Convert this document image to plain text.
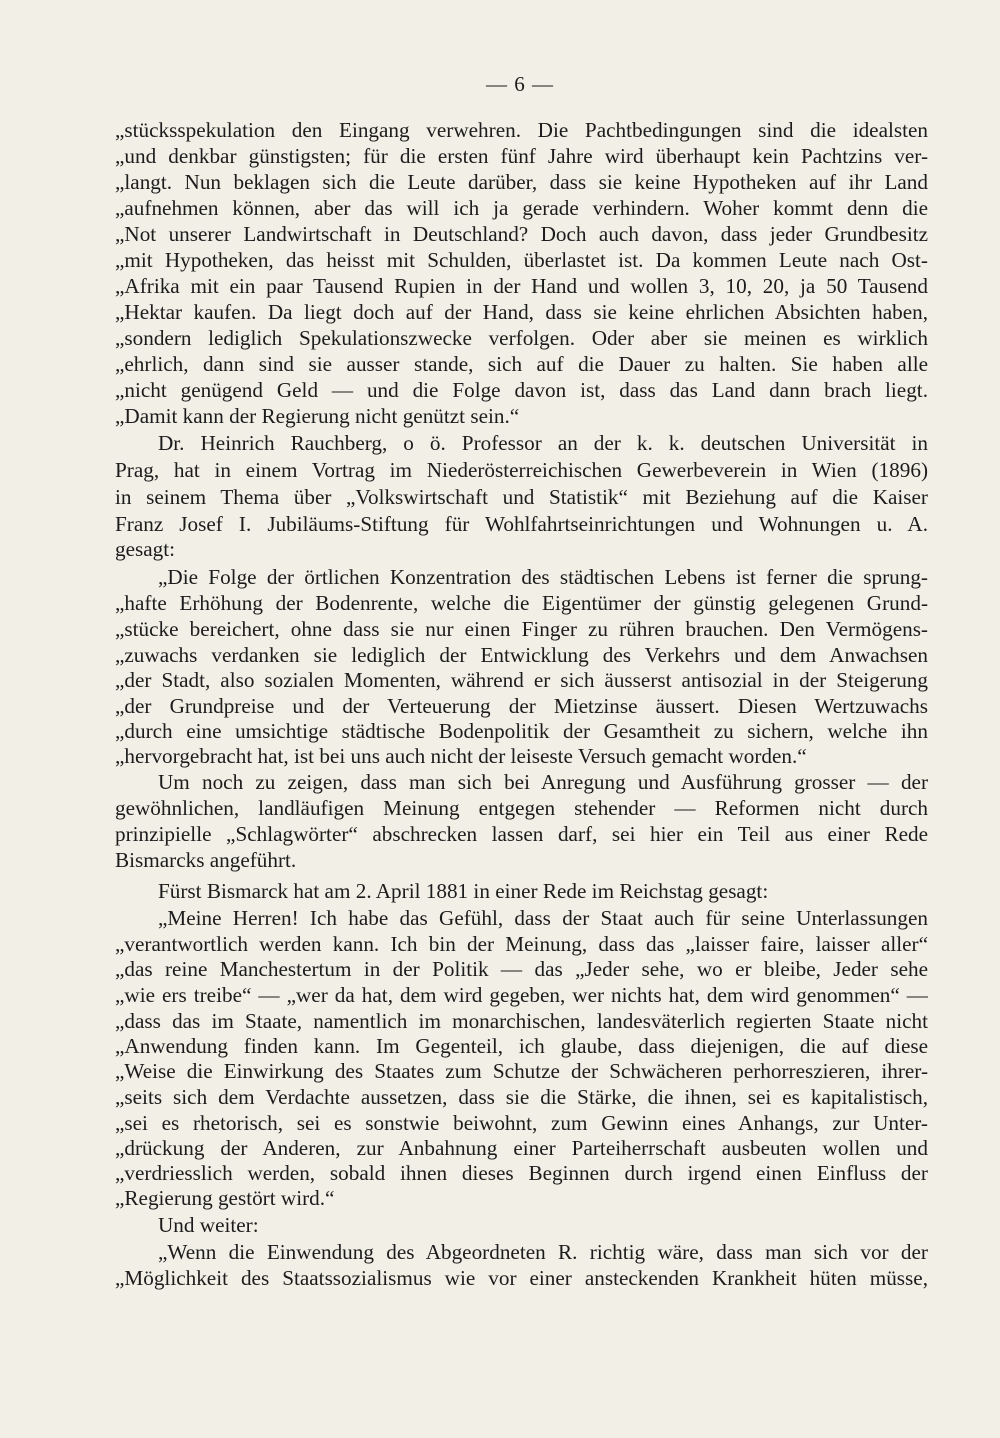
— 6 —
„stücksspekulation den Eingang verwehren. Die Pachtbedingungen sind die idealsten
„und denkbar günstigsten; für die ersten fünf Jahre wird überhaupt kein Pachtzins ver-
„langt. Nun beklagen sich die Leute darüber, dass sie keine Hypotheken auf ihr Land
„aufnehmen können, aber das will ich ja gerade verhindern. Woher kommt denn die
„Not unserer Landwirtschaft in Deutschland? Doch auch davon, dass jeder Grundbesitz
„mit Hypotheken, das heisst mit Schulden, überlastet ist. Da kommen Leute nach Ost-
„Afrika mit ein paar Tausend Rupien in der Hand und wollen 3, 10, 20, ja 50 Tausend
„Hektar kaufen. Da liegt doch auf der Hand, dass sie keine ehrlichen Absichten haben,
„sondern lediglich Spekulationszwecke verfolgen. Oder aber sie meinen es wirklich
„ehrlich, dann sind sie ausser stande, sich auf die Dauer zu halten. Sie haben alle
„nicht genügend Geld — und die Folge davon ist, dass das Land dann brach liegt.
„Damit kann der Regierung nicht genützt sein.“
Dr. Heinrich Rauchberg, o ö. Professor an der k. k. deutschen Universität in
Prag, hat in einem Vortrag im Niederösterreichischen Gewerbeverein in Wien (1896)
in seinem Thema über „Volkswirtschaft und Statistik“ mit Beziehung auf die Kaiser
Franz Josef I. Jubiläums-Stiftung für Wohlfahrtseinrichtungen und Wohnungen u. A.
gesagt:
„Die Folge der örtlichen Konzentration des städtischen Lebens ist ferner die sprung-
„hafte Erhöhung der Bodenrente, welche die Eigentümer der günstig gelegenen Grund-
„stücke bereichert, ohne dass sie nur einen Finger zu rühren brauchen. Den Vermögens-
„zuwachs verdanken sie lediglich der Entwicklung des Verkehrs und dem Anwachsen
„der Stadt, also sozialen Momenten, während er sich äusserst antisozial in der Steigerung
„der Grundpreise und der Verteuerung der Mietzinse äussert. Diesen Wertzuwachs
„durch eine umsichtige städtische Bodenpolitik der Gesamtheit zu sichern, welche ihn
„hervorgebracht hat, ist bei uns auch nicht der leiseste Versuch gemacht worden.“
Um noch zu zeigen, dass man sich bei Anregung und Ausführung grosser — der
gewöhnlichen, landläufigen Meinung entgegen stehender — Reformen nicht durch
prinzipielle „Schlagwörter“ abschrecken lassen darf, sei hier ein Teil aus einer Rede
Bismarcks angeführt.
Fürst Bismarck hat am 2. April 1881 in einer Rede im Reichstag gesagt:
„Meine Herren! Ich habe das Gefühl, dass der Staat auch für seine Unterlassungen
„verantwortlich werden kann. Ich bin der Meinung, dass das „laisser faire, laisser aller“
„das reine Manchestertum in der Politik — das „Jeder sehe, wo er bleibe, Jeder sehe
„wie ers treibe“ — „wer da hat, dem wird gegeben, wer nichts hat, dem wird genommen“ —
„dass das im Staate, namentlich im monarchischen, landesväterlich regierten Staate nicht
„Anwendung finden kann. Im Gegenteil, ich glaube, dass diejenigen, die auf diese
„Weise die Einwirkung des Staates zum Schutze der Schwächeren perhorreszieren, ihrer-
„seits sich dem Verdachte aussetzen, dass sie die Stärke, die ihnen, sei es kapitalistisch,
„sei es rhetorisch, sei es sonstwie beiwohnt, zum Gewinn eines Anhangs, zur Unter-
„drückung der Anderen, zur Anbahnung einer Parteiherrschaft ausbeuten wollen und
„verdriesslich werden, sobald ihnen dieses Beginnen durch irgend einen Einfluss der
„Regierung gestört wird.“
Und weiter:
„Wenn die Einwendung des Abgeordneten R. richtig wäre, dass man sich vor der
„Möglichkeit des Staatssozialismus wie vor einer ansteckenden Krankheit hüten müsse,
